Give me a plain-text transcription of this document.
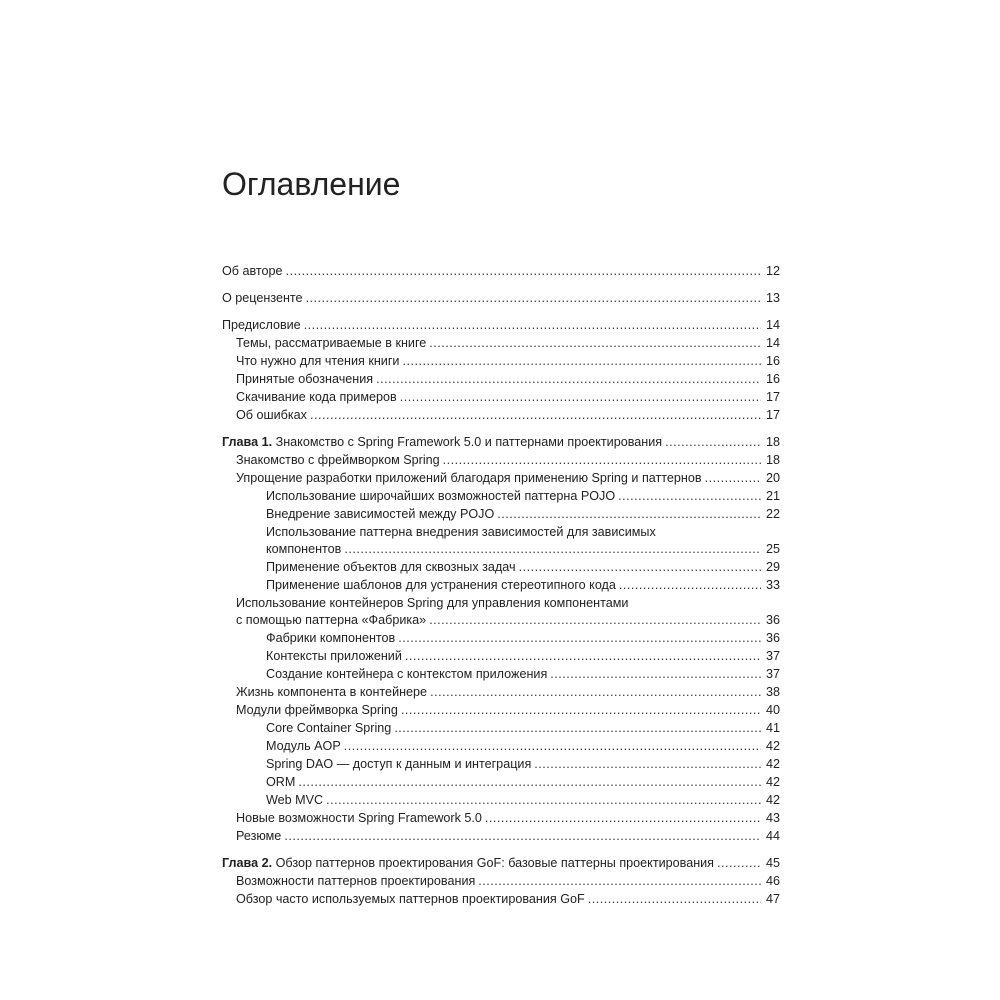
Оглавление
Об авторе .....	12
О рецензенте .....	13
Предисловие .....	14
Темы, рассматриваемые в книге .....	14
Что нужно для чтения книги .....	16
Принятые обозначения .....	16
Скачивание кода примеров .....	17
Об ошибках .....	17
Глава 1. Знакомство с Spring Framework 5.0 и паттернами проектирования .....	18
Знакомство с фреймворком Spring .....	18
Упрощение разработки приложений благодаря применению Spring и паттернов .....	20
Использование широчайших возможностей паттерна POJO .....	21
Внедрение зависимостей между POJO .....	22
Использование паттерна внедрения зависимостей для зависимых
компонентов .....	25
Применение объектов для сквозных задач .....	29
Применение шаблонов для устранения стереотипного кода .....	33
Использование контейнеров Spring для управления компонентами
с помощью паттерна «Фабрика» .....	36
Фабрики компонентов .....	36
Контексты приложений .....	37
Создание контейнера с контекстом приложения .....	37
Жизнь компонента в контейнере .....	38
Модули фреймворка Spring .....	40
Core Container Spring .....	41
Модуль AOP .....	42
Spring DAO — доступ к данным и интеграция .....	42
ORM .....	42
Web MVC .....	42
Новые возможности Spring Framework 5.0 .....	43
Резюме .....	44
Глава 2. Обзор паттернов проектирования GoF: базовые паттерны проектирования .....	45
Возможности паттернов проектирования .....	46
Обзор часто используемых паттернов проектирования GoF .....	47
